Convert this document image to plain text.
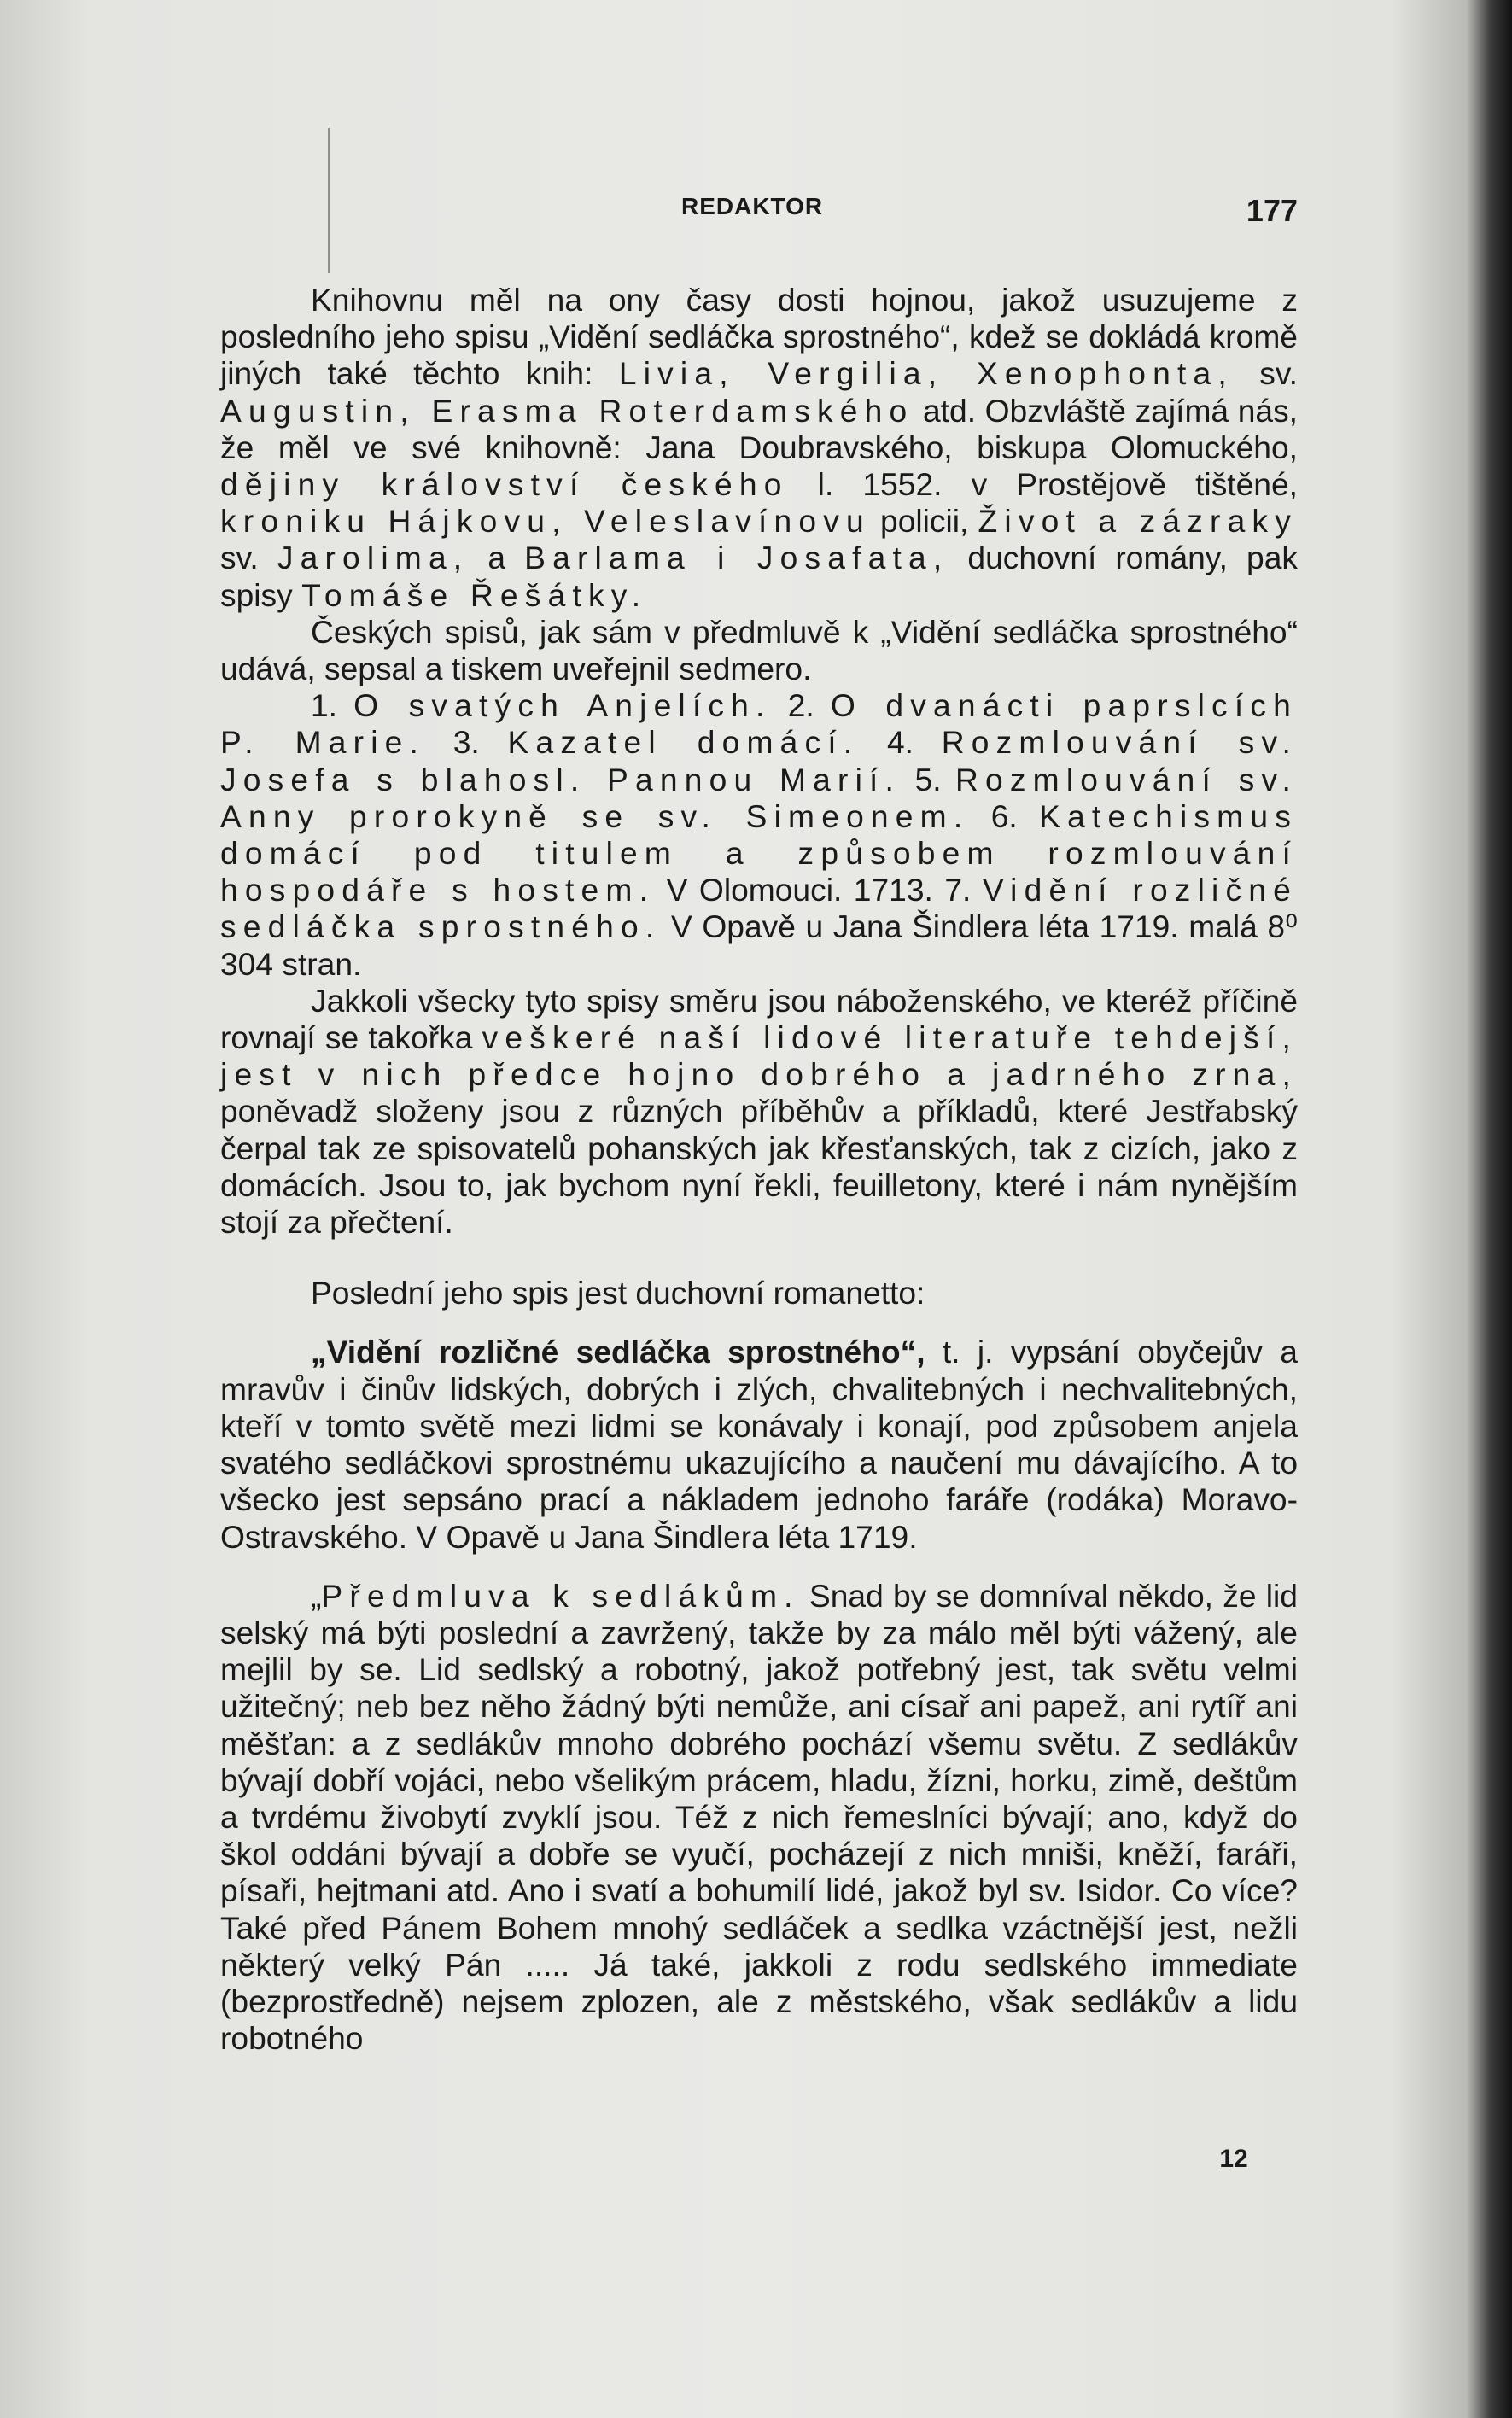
REDAKTOR	177

Knihovnu měl na ony časy dosti hojnou, jakož usuzujeme z posledního jeho spisu „Vidění sedláčka sprostného“, kdež se dokládá kromě jiných také těchto knih: Livia, Vergilia, Xenophonta, sv. Augustin, Erasma Roterdamského atd. Obzvláště zajímá nás, že měl ve své knihovně: Jana Doubravského, biskupa Olomuckého, dějiny království českého l. 1552. v Prostějově tištěné, kroniku Hájkovu, Veleslavínovu policii, Život a zázraky sv. Jarolima, a Barlama i Josafata, duchovní romány, pak spisy Tomáše Řešátky.

Českých spisů, jak sám v předmluvě k „Vidění sedláčka sprostného“ udává, sepsal a tiskem uveřejnil sedmero.

1. O svatých Anjelích. 2. O dvanácti paprslcích P. Marie. 3. Kazatel domácí. 4. Rozmlouvání sv. Josefa s blahosl. Pannou Marií. 5. Rozmlouvání sv. Anny prorokyně se sv. Simeonem. 6. Katechismus domácí pod titulem a způsobem rozmlouvání hospodáře s hostem. V Olomouci. 1713. 7. Vidění rozličné sedláčka sprostného. V Opavě u Jana Šindlera léta 1719. malá 8⁰ 304 stran.

Jakkoli všecky tyto spisy směru jsou náboženského, ve kteréž příčině rovnají se takořka veškeré naší lidové literatuře tehdejší, jest v nich předce hojno dobrého a jadrného zrna, poněvadž složeny jsou z různých příběhův a příkladů, které Jestřabský čerpal tak ze spisovatelů pohanských jak křesťanských, tak z cizích, jako z domácích. Jsou to, jak bychom nyní řekli, feuilletony, které i nám nynějším stojí za přečtení.

Poslední jeho spis jest duchovní romanetto:

„Vidění rozličné sedláčka sprostného“, t. j. vypsání obyčejův a mravův i činův lidských, dobrých i zlých, chvalitebných i nechvalitebných, kteří v tomto světě mezi lidmi se konávaly i konají, pod způsobem anjela svatého sedláčkovi sprostnému ukazujícího a naučení mu dávajícího. A to všecko jest sepsáno prací a nákladem jednoho faráře (rodáka) Moravo-Ostravského. V Opavě u Jana Šindlera léta 1719.

„Předmluva k sedlákům. Snad by se domníval někdo, že lid selský má býti poslední a zavržený, takže by za málo měl býti vážený, ale mejlil by se. Lid sedlský a robotný, jakož potřebný jest, tak světu velmi užitečný; neb bez něho žádný býti nemůže, ani císař ani papež, ani rytíř ani měšťan: a z sedlákův mnoho dobrého pochází všemu světu. Z sedlákův bývají dobří vojáci, nebo všelikým prácem, hladu, žízni, horku, zimě, deštům a tvrdému živobytí zvyklí jsou. Též z nich řemeslníci bývají; ano, když do škol oddáni bývají a dobře se vyučí, pocházejí z nich mniši, kněží, faráři, písaři, hejtmani atd. Ano i svatí a bohumilí lidé, jakož byl sv. Isidor. Co více? Také před Pánem Bohem mnohý sedláček a sedlka vzáctnější jest, nežli některý velký Pán ..... Já také, jakkoli z rodu sedlského immediate (bezprostředně) nejsem zplozen, ale z městského, však sedlákův a lidu robotného

12
